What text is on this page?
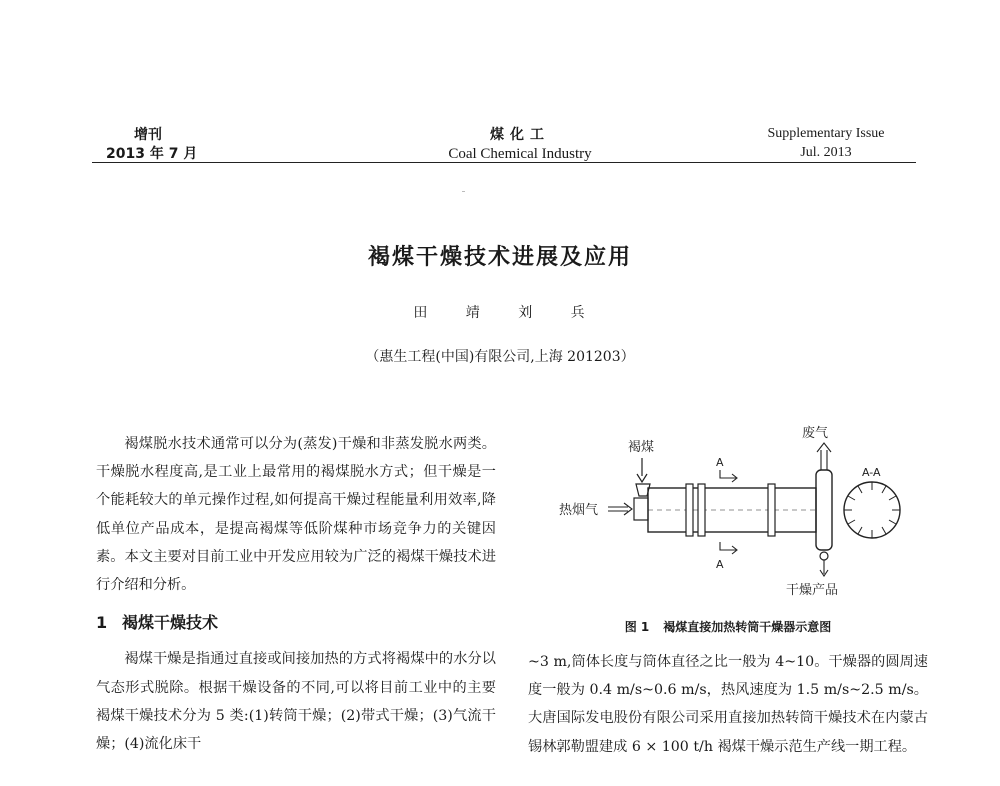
增刊
2013 年 7 月
煤化工
Coal Chemical Industry
Supplementary Issue
Jul. 2013
褐煤干燥技术进展及应用
田 靖 刘 兵
（惠生工程(中国)有限公司,上海 201203）

褐煤脱水技术通常可以分为(蒸发)干燥和非蒸发脱水两类。干燥脱水程度高,是工业上最常用的褐煤脱水方式；但干燥是一个能耗较大的单元操作过程,如何提高干燥过程能量利用效率,降低单位产品成本，是提高褐煤等低阶煤种市场竞争力的关键因素。本文主要对目前工业中开发应用较为广泛的褐煤干燥技术进行介绍和分析。

1 褐煤干燥技术

褐煤干燥是指通过直接或间接加热的方式将褐煤中的水分以气态形式脱除。根据干燥设备的不同,可以将目前工业中的主要褐煤干燥技术分为 5 类:(1)转筒干燥；(2)带式干燥；(3)气流干燥；(4)流化床干

褐煤
热烟气
废气
干燥产品
A
A
A-A
图 1 褐煤直接加热转筒干燥器示意图

~3 m,筒体长度与筒体直径之比一般为 4~10。干燥器的圆周速度一般为 0.4 m/s~0.6 m/s，热风速度为 1.5 m/s~2.5 m/s。大唐国际发电股份有限公司采用直接加热转筒干燥技术在内蒙古锡林郭勒盟建成 6 × 100 t/h 褐煤干燥示范生产线一期工程。
